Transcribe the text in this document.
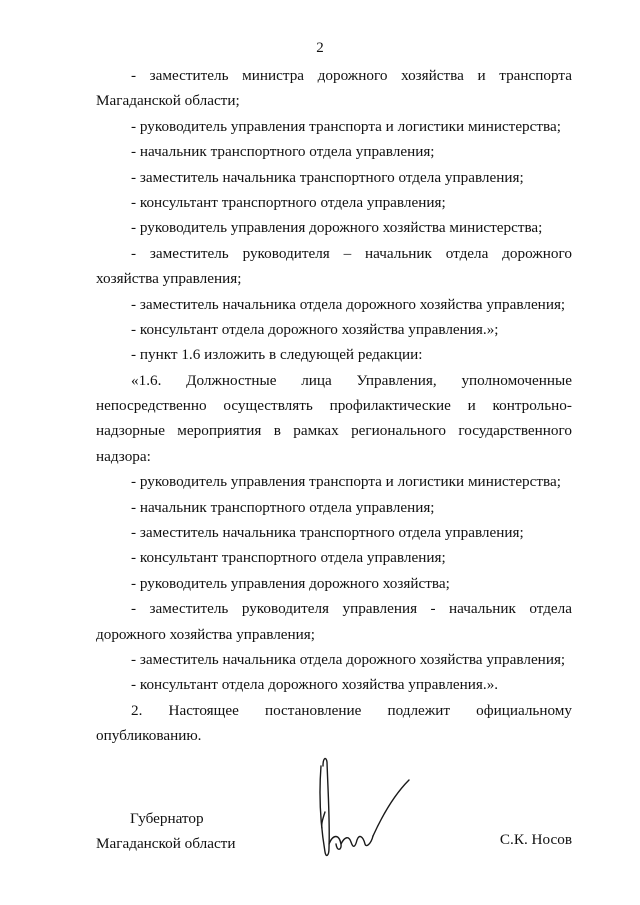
2
- заместитель министра дорожного хозяйства и транспорта
Магаданской области;
- руководитель управления транспорта и логистики министерства;
- начальник транспортного отдела управления;
- заместитель начальника транспортного отдела управления;
- консультант транспортного отдела управления;
- руководитель управления дорожного хозяйства министерства;
- заместитель руководителя – начальник отдела дорожного
хозяйства управления;
- заместитель начальника отдела дорожного хозяйства управления;
- консультант отдела дорожного хозяйства управления.»;
- пункт 1.6 изложить в следующей редакции:
«1.6. Должностные лица Управления, уполномоченные
непосредственно осуществлять профилактические и контрольно-
надзорные мероприятия в рамках регионального государственного
надзора:
- руководитель управления транспорта и логистики министерства;
- начальник транспортного отдела управления;
- заместитель начальника транспортного отдела управления;
- консультант транспортного отдела управления;
- руководитель управления дорожного хозяйства;
- заместитель руководителя управления - начальник отдела
дорожного хозяйства управления;
- заместитель начальника отдела дорожного хозяйства управления;
- консультант отдела дорожного хозяйства управления.».
2. Настоящее постановление подлежит официальному
опубликованию.
Губернатор
Магаданской области	С.К. Носов
